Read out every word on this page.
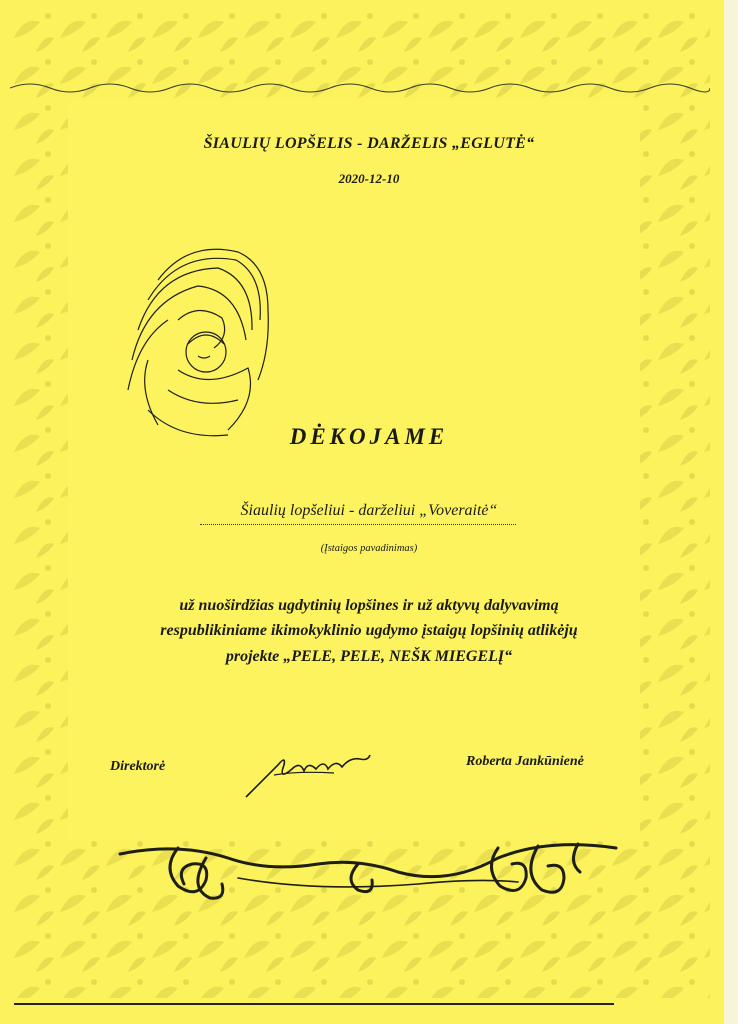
ŠIAULIŲ LOPŠELIS - DARŽELIS „EGLUTĖ“
2020-12-10
DĖKOJAME
Šiaulių lopšeliui - darželiui „Voveraitė“
(Įstaigos pavadinimas)
už nuoširdžias ugdytinių lopšines ir už aktyvų dalyvavimą
respublikiniame ikimokyklinio ugdymo įstaigų lopšinių atlikėjų
projekte „PELE, PELE, NEŠK MIEGELĮ“
Direktorė	Roberta Jankūnienė
